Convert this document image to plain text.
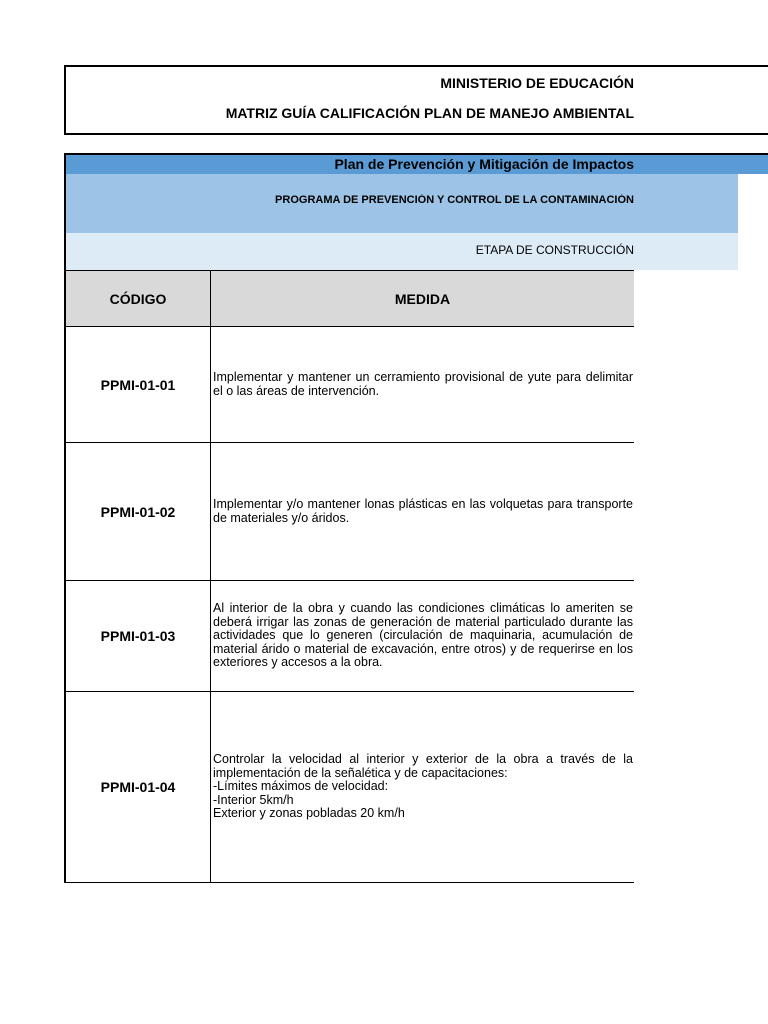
MINISTERIO DE EDUCACIÓN
MATRIZ GUÍA CALIFICACIÓN PLAN DE MANEJO AMBIENTAL
Plan de Prevención y Mitigación de Impactos
PROGRAMA DE PREVENCIÓN Y CONTROL DE LA CONTAMINACIÓN
ETAPA DE CONSTRUCCIÓN
CÓDIGO	MEDIDA
PPMI-01-01	Implementar y mantener un cerramiento provisional de yute para delimitar el o las áreas de intervención.
PPMI-01-02	Implementar y/o mantener lonas plásticas en las volquetas para transporte de materiales y/o áridos.
PPMI-01-03	Al interior de la obra y cuando las condiciones climáticas lo ameriten se deberá irrigar las zonas de generación de material particulado durante las actividades que lo generen (circulación de maquinaria, acumulación de material árido o material de excavación, entre otros) y de requerirse en los exteriores y accesos a la obra.
PPMI-01-04	Controlar la velocidad al interior y exterior de la obra a través de la implementación de la señalética y de capacitaciones:
-Límites máximos de velocidad:
-Interior 5km/h
Exterior y zonas pobladas 20 km/h
